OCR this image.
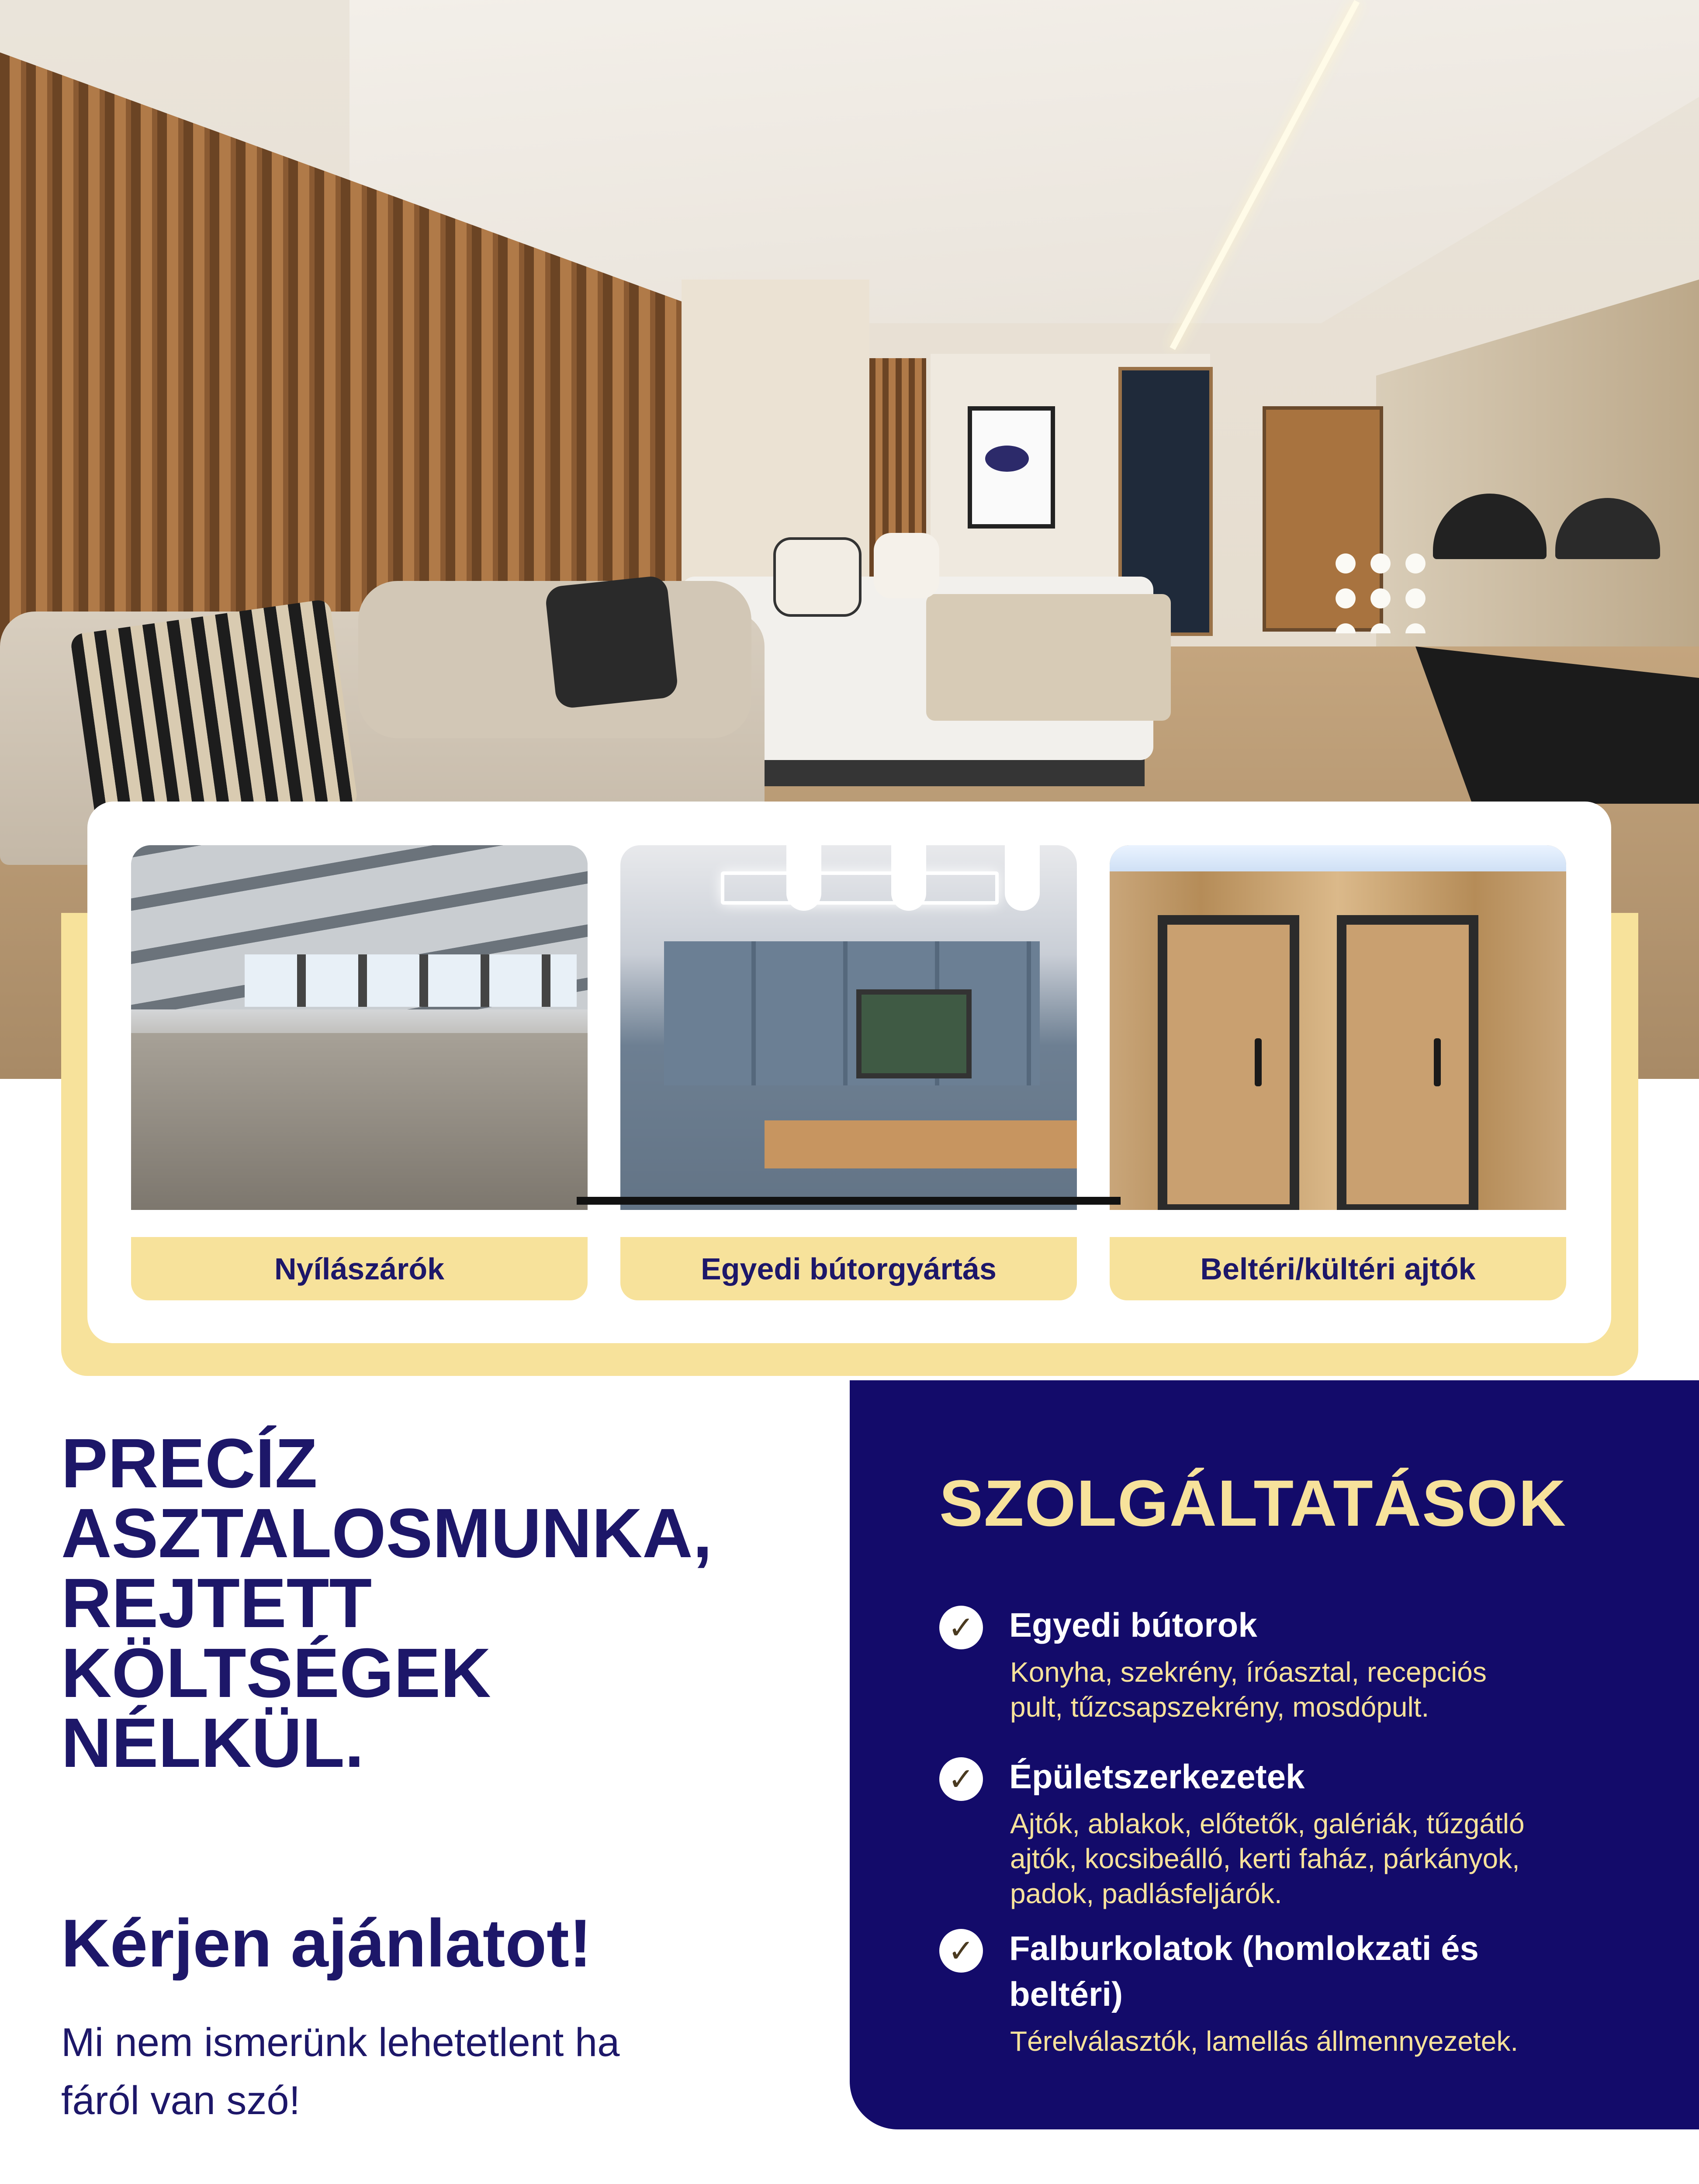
Nyílászárók	Egyedi bútorgyártás	Beltéri/kültéri ajtók
PRECÍZ
ASZTALOSMUNKA,
REJTETT
KÖLTSÉGEK
NÉLKÜL.
Kérjen ajánlatot!

Mi nem ismerünk lehetetlent ha
fáról van szó!

SZOLGÁLTATÁSOK
✓ Egyedi bútorok
Konyha, szekrény, íróasztal, recepciós
pult, tűzcsapszekrény, mosdópult.
✓ Épületszerkezetek
Ajtók, ablakok, előtetők, galériák, tűzgátló
ajtók, kocsibeálló, kerti faház, párkányok,
padok, padlásfeljárók.
✓ Falburkolatok (homlokzati és
beltéri)
Térelválasztók, lamellás állmennyezetek.
